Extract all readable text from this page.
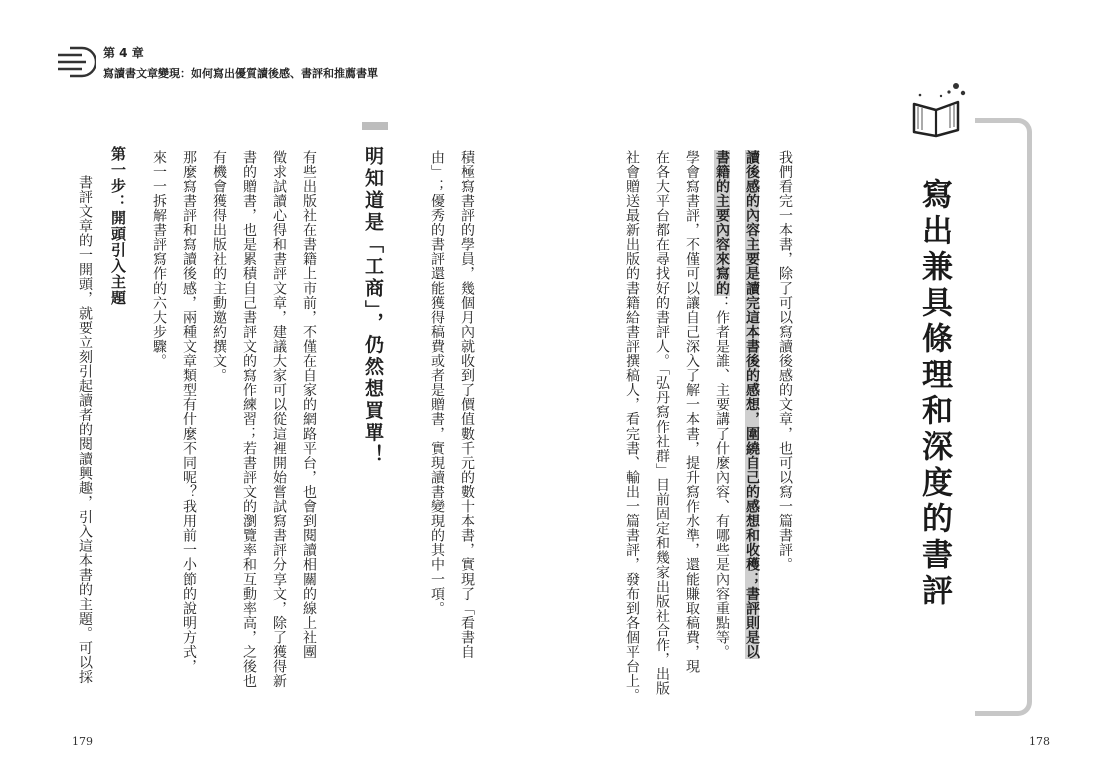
第 4 章
寫讀書文章變現：如何寫出優質讀後感、書評和推薦書單
寫出兼具條理和深度的書評
我們看完一本書，除了可以寫讀後感的文章，也可以寫一篇書評。
讀後感的內容主要是讀完這本書後的感想，圍繞自己的感想和收穫；書評則是以
書籍的主要內容來寫的：作者是誰、主要講了什麼內容、有哪些是內容重點等。
學會寫書評，不僅可以讓自己深入了解一本書，提升寫作水準，還能賺取稿費，現
在各大平台都在尋找好的書評人。「弘丹寫作社群」目前固定和幾家出版社合作，出版
社會贈送最新出版的書籍給書評撰稿人，看完書、輸出一篇書評，發布到各個平台上。
積極寫書評的學員，幾個月內就收到了價值數千元的數十本書，實現了「看書自
由」；優秀的書評還能獲得稿費或者是贈書，實現讀書變現的其中一項。
明知道是「工商」，仍然想買單！
有些出版社在書籍上市前，不僅在自家的網路平台，也會到閱讀相關的線上社團
徵求試讀心得和書評文章，建議大家可以從這裡開始嘗試寫書評分享文，除了獲得新
書的贈書，也是累積自己書評文的寫作練習；若書評文的瀏覽率和互動率高，之後也
有機會獲得出版社的主動邀約撰文。
那麼寫書評和寫讀後感，兩種文章類型有什麼不同呢？我用前一小節的說明方式，
來一一拆解書評寫作的六大步驟。
第一步：開頭引入主題
書評文章的一開頭，就要立刻引起讀者的閱讀興趣，引入這本書的主題。可以採
179	178
